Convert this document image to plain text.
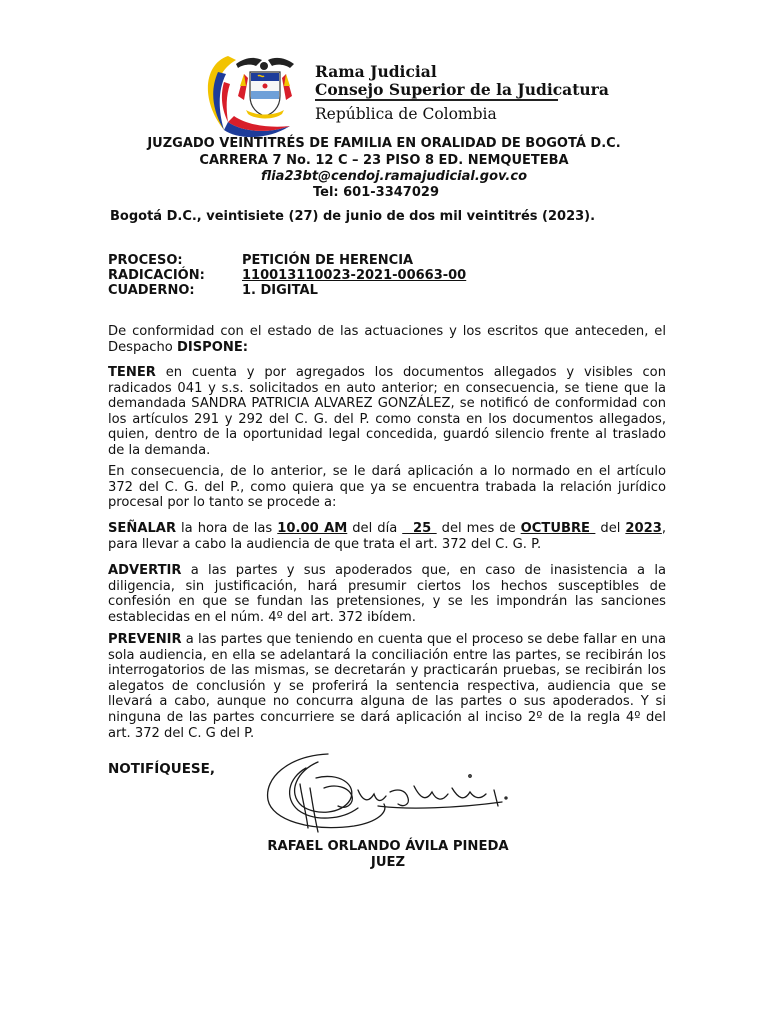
Rama Judicial
Consejo Superior de la Judicatura
República de Colombia
JUZGADO VEINTITRÉS DE FAMILIA EN ORALIDAD DE BOGOTÁ D.C.
CARRERA 7 No. 12 C – 23 PISO 8 ED. NEMQUETEBA
flia23bt@cendoj.ramajudicial.gov.co
Tel: 601-3347029
Bogotá D.C., veintisiete (27) de junio de dos mil veintitrés (2023).
PROCESO:	PETICIÓN DE HERENCIA
RADICACIÓN:	110013110023-2021-00663-00
CUADERNO:	1. DIGITAL
De conformidad con el estado de las actuaciones y los escritos que anteceden, el Despacho DISPONE:
TENER en cuenta y por agregados los documentos allegados y visibles con radicados 041 y s.s. solicitados en auto anterior; en consecuencia, se tiene que la demandada SANDRA PATRICIA ALVAREZ GONZÁLEZ, se notificó de conformidad con los artículos 291 y 292 del C. G. del P. como consta en los documentos allegados, quien, dentro de la oportunidad legal concedida, guardó silencio frente al traslado de la demanda.
En consecuencia, de lo anterior, se le dará aplicación a lo normado en el artículo 372 del C. G. del P., como quiera que ya se encuentra trabada la relación jurídico procesal por lo tanto se procede a:
SEÑALAR la hora de las 10.00 AM del día   25  del mes de OCTUBRE  del 2023, para llevar a cabo la audiencia de que trata el art. 372 del C. G. P.
ADVERTIR a las partes y sus apoderados que, en caso de inasistencia a la diligencia, sin justificación, hará presumir ciertos los hechos susceptibles de confesión en que se fundan las pretensiones, y se les impondrán las sanciones establecidas en el núm. 4º del art. 372 ibídem.
PREVENIR a las partes que teniendo en cuenta que el proceso se debe fallar en una sola audiencia, en ella se adelantará la conciliación entre las partes, se recibirán los interrogatorios de las mismas, se decretarán y practicarán pruebas, se recibirán los alegatos de conclusión y se proferirá la sentencia respectiva, audiencia que se llevará a cabo, aunque no concurra alguna de las partes o sus apoderados. Y si ninguna de las partes concurriere se dará aplicación al inciso 2º de la regla 4º del art. 372 del C. G del P.
NOTIFÍQUESE,
RAFAEL ORLANDO ÁVILA PINEDA
JUEZ
